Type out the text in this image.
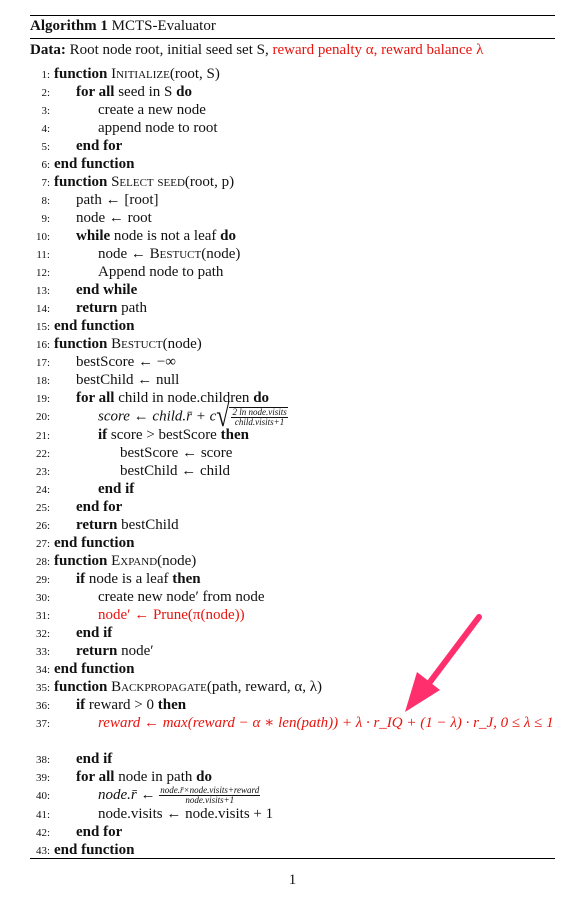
Algorithm 1 MCTS-Evaluator
Data: Root node root, initial seed set S, reward penalty α, reward balance λ
1: function Initialize(root, S)
2: for all seed in S do
3:	create a new node
4:	append node to root
5: end for
6: end function
7: function Select seed(root, p)
8: path ← [root]
9: node ← root
10: while node is not a leaf do
11:	node ← Bestuct(node)
12:	Append node to path
13: end while
14: return path
15: end function
16: function Bestuct(node)
17: bestScore ← −∞
18: bestChild ← null
19: for all child in node.children do
20:	score ← child.r̄ + $c√ \frac{\text{2 ln node.visits}}{\text{child.visits+1}}$
21:	if score > bestScore then
22:	bestScore ← score
23:	bestChild ← child
24:	end if
25: end for
26: return bestChild
27: end function
28: function Expand(node)
29: if node is a leaf then
30:	create new node′ from node
31:	node′ ← Prune(π(node))
32: end if
33: return node′
34: end function
35: function Backpropagate(path, reward, α, λ)
36: if reward > 0 then
37:	reward ← max(reward − α ∗ len(path)) + λ · r_IQ + (1 − λ) · r_J, 0 ≤ λ ≤ 1
38: end if
39: for all node in path do
40:	node.r̄ ← $\frac{\text{node.r̄×node.visits+reward}}{\text{node.visits+1}}$
41:	node.visits ← node.visits + 1
42: end for
43: end function
1
